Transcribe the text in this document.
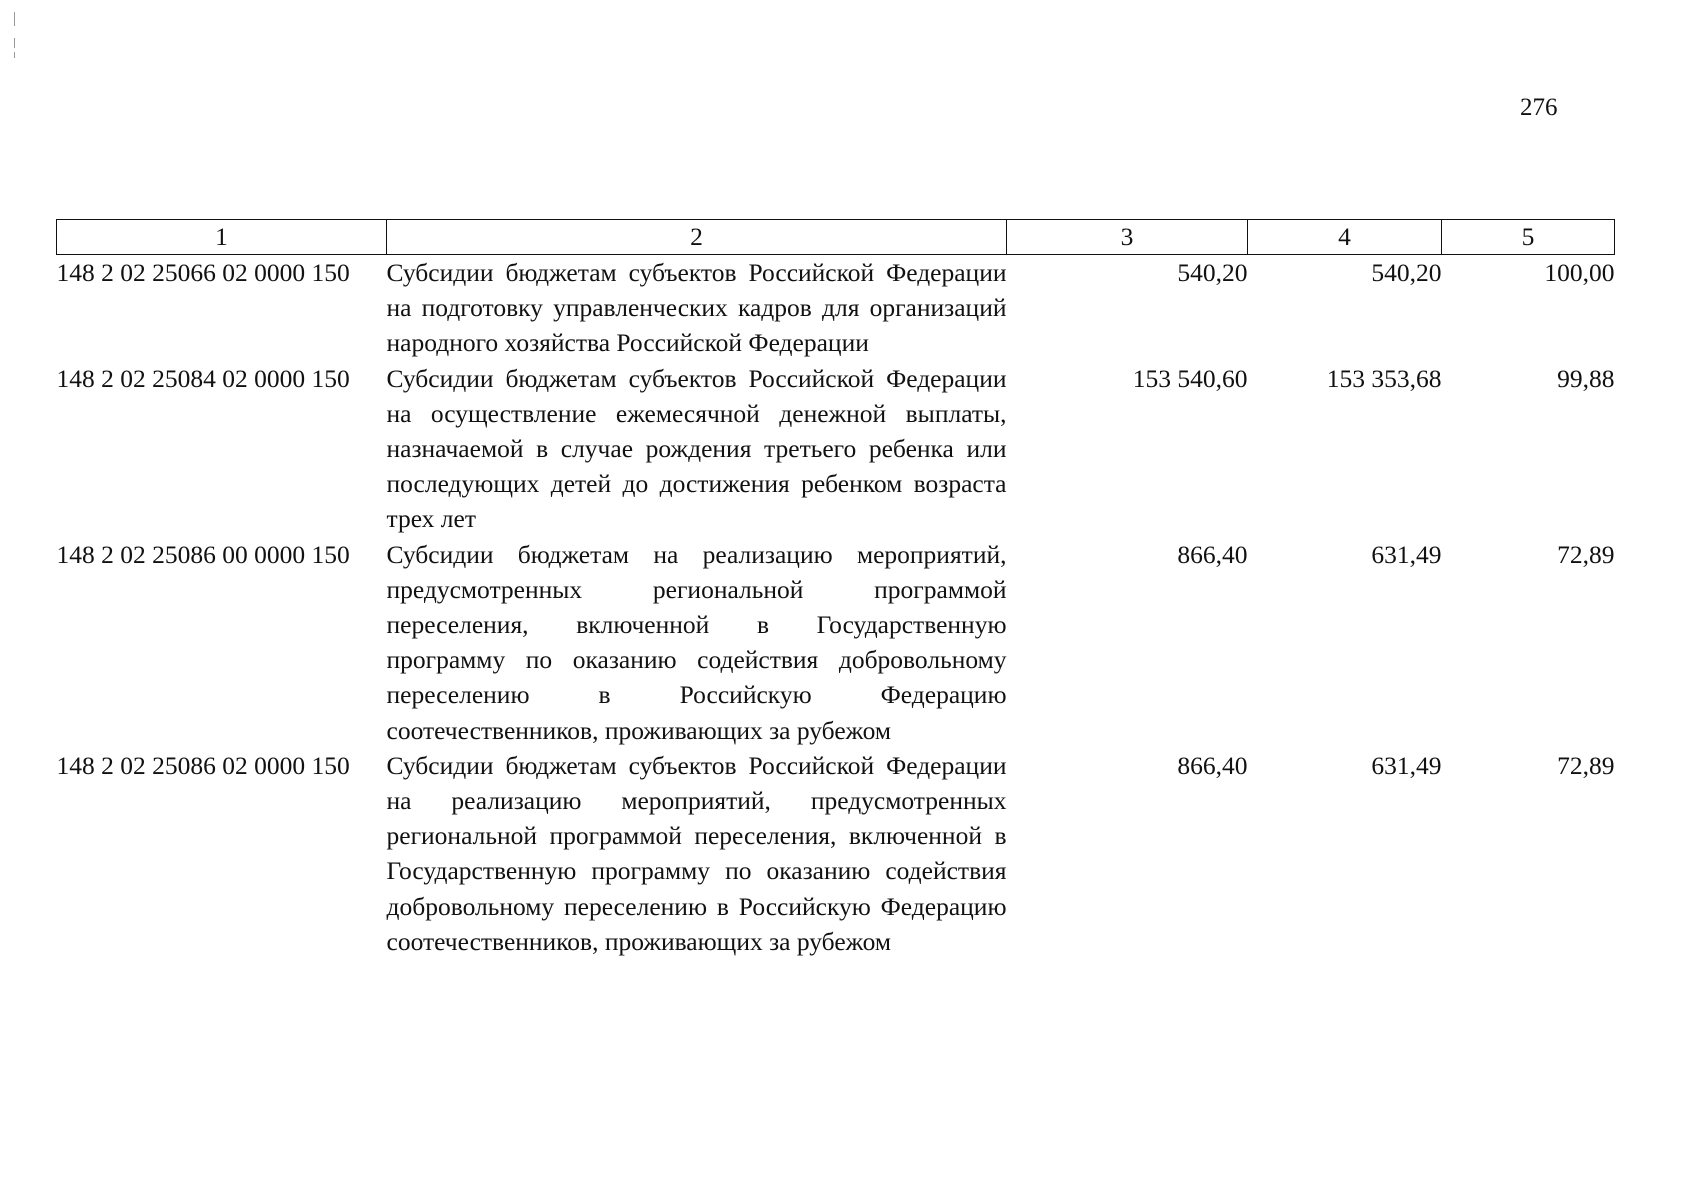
276
1	2	3	4	5
148 2 02 25066 02 0000 150	Субсидии бюджетам субъектов Российской Федерации на подготовку управленческих кадров для организаций народного хозяйства Российской Федерации	540,20	540,20	100,00
148 2 02 25084 02 0000 150	Субсидии бюджетам субъектов Российской Федерации на осуществление ежемесячной денежной выплаты, назначаемой в случае рождения третьего ребенка или последующих детей до достижения ребенком возраста трех лет	153 540,60	153 353,68	99,88
148 2 02 25086 00 0000 150	Субсидии бюджетам на реализацию мероприятий, предусмотренных региональной программой переселения, включенной в Государственную программу по оказанию содействия добровольному переселению в Российскую Федерацию соотечественников, проживающих за рубежом	866,40	631,49	72,89
148 2 02 25086 02 0000 150	Субсидии бюджетам субъектов Российской Федерации на реализацию мероприятий, предусмотренных региональной программой переселения, включенной в Государственную программу по оказанию содействия добровольному переселению в Российскую Федерацию соотечественников, проживающих за рубежом	866,40	631,49	72,89
